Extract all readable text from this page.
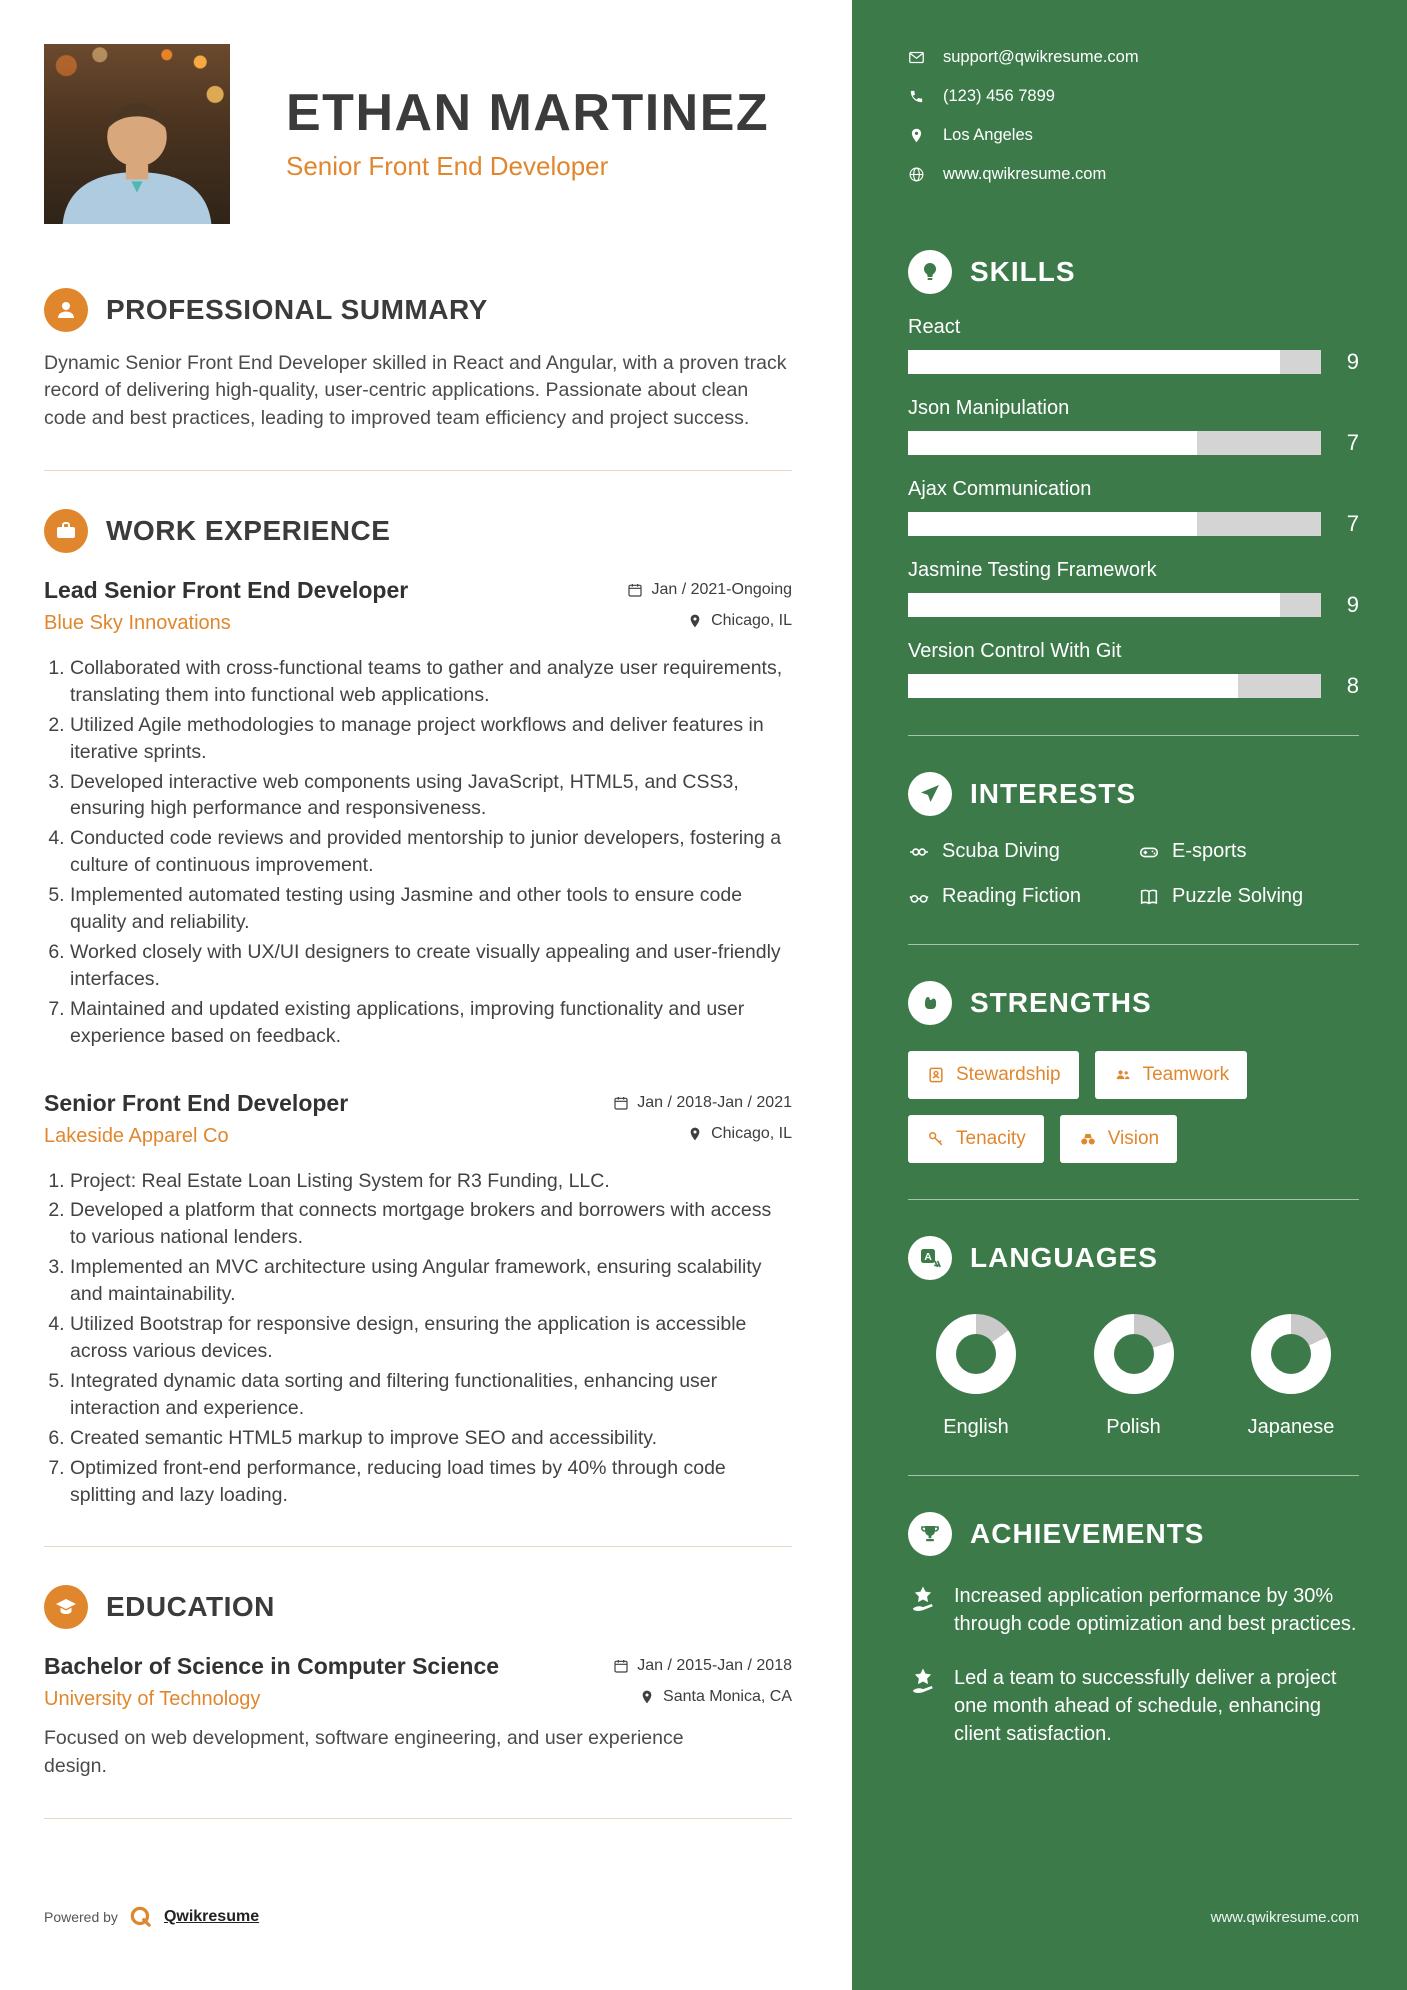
ETHAN MARTINEZ
Senior Front End Developer
PROFESSIONAL SUMMARY

Dynamic Senior Front End Developer skilled in React and Angular, with a proven track record of delivering high-quality, user-centric applications. Passionate about clean code and best practices, leading to improved team efficiency and project success.

WORK EXPERIENCE
Lead Senior Front End Developer	Jan / 2021-Ongoing
Blue Sky Innovations	Chicago, IL
1. Collaborated with cross-functional teams to gather and analyze user requirements, translating them into functional web applications.
2. Utilized Agile methodologies to manage project workflows and deliver features in iterative sprints.
3. Developed interactive web components using JavaScript, HTML5, and CSS3, ensuring high performance and responsiveness.
4. Conducted code reviews and provided mentorship to junior developers, fostering a culture of continuous improvement.
5. Implemented automated testing using Jasmine and other tools to ensure code quality and reliability.
6. Worked closely with UX/UI designers to create visually appealing and user-friendly interfaces.
7. Maintained and updated existing applications, improving functionality and user experience based on feedback.
Senior Front End Developer	Jan / 2018-Jan / 2021
Lakeside Apparel Co	Chicago, IL
1. Project: Real Estate Loan Listing System for R3 Funding, LLC.
2. Developed a platform that connects mortgage brokers and borrowers with access to various national lenders.
3. Implemented an MVC architecture using Angular framework, ensuring scalability and maintainability.
4. Utilized Bootstrap for responsive design, ensuring the application is accessible across various devices.
5. Integrated dynamic data sorting and filtering functionalities, enhancing user interaction and experience.
6. Created semantic HTML5 markup to improve SEO and accessibility.
7. Optimized front-end performance, reducing load times by 40% through code splitting and lazy loading.
EDUCATION
Bachelor of Science in Computer Science	Jan / 2015-Jan / 2018
University of Technology	Santa Monica, CA

Focused on web development, software engineering, and user experience design.

Powered by	Qwikresume
support@qwikresume.com
(123) 456 7899
Los Angeles
www.qwikresume.com
SKILLS
React
9
Json Manipulation
7
Ajax Communication
7
Jasmine Testing Framework
9
Version Control With Git
8
INTERESTS
Scuba Diving	E-sports
Reading Fiction	Puzzle Solving
STRENGTHS
Stewardship	Teamwork
Tenacity	Vision
A LANGUAGES
English	Polish	Japanese
ACHIEVEMENTS
Increased application performance by 30% through code optimization and best practices.
Led a team to successfully deliver a project one month ahead of schedule, enhancing client satisfaction.
www.qwikresume.com
